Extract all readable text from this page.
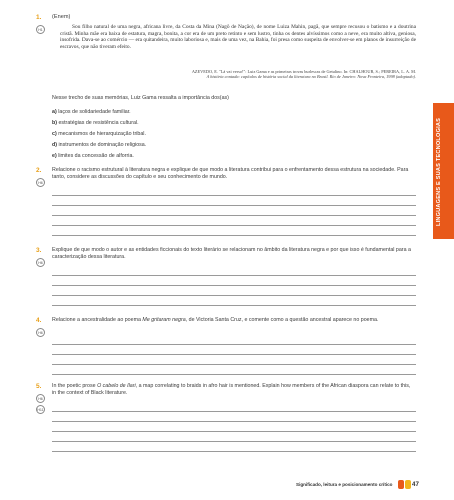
LINGUAGENS E SUAS TECNOLOGIAS
1. (Enem)
H1	Sou filho natural de uma negra, africana livre, da Costa da Mina (Nagô de Nação), de nome Luiza Mahin, pagã, que sempre recusou o batismo e a doutrina cristã. Minha mãe era baixa de estatura, magra, bonita, a cor era de um preto retinto e sem lustro, tinha os dentes alvíssimos como a neve, era muito altiva, geniosa, insofrida. Dava-se ao comércio — era quitandeira, muito laboriosa e, mais de uma vez, na Bahia, foi presa como suspeita de envolver-se em planos de insurreição de escravos, que não tiveram efeito.
AZEVEDO, E. "Lá vai verso!": Luiz Gama e as primeiras trovas burlescas de Getulino. In: CHALHOUB, S.; PEREIRA, L. A. M.
A história contada: capítulos de história social da literatura no Brasil. Rio de Janeiro: Nova Fronteira, 1998 (adaptado).
Nesse trecho de suas memórias, Luiz Gama ressalta a importância dos(as)
a) laços de solidariedade familiar.
b) estratégias de resistência cultural.
c) mecanismos de hierarquização tribal.
d) instrumentos de dominação religiosa.
e) limites da concessão de alforria.
2.
H6
Relacione o racismo estrutural à literatura negra e explique de que modo a literatura contribui para o enfrentamento dessa estrutura na sociedade. Para tanto, considere as discussões do capítulo e seu conhecimento de mundo.
3.
H6
Explique de que modo o autor e as entidades ficcionais do texto literário se relacionam no âmbito da literatura negra e por que isso é fundamental para a caracterização dessa literatura.
4.
H6
Relacione a ancestralidade ao poema Me gritaram negra, de Victoria Santa Cruz, e comente como a questão ancestral aparece no poema.
5.
H6
H11
In the poetic prose O cabelo de Ilari, a map correlating to braids in afro hair is mentioned. Explain how members of the African diaspora can relate to this, in the context of Black literature.
Significado, leitura e posicionamento crítico	47
